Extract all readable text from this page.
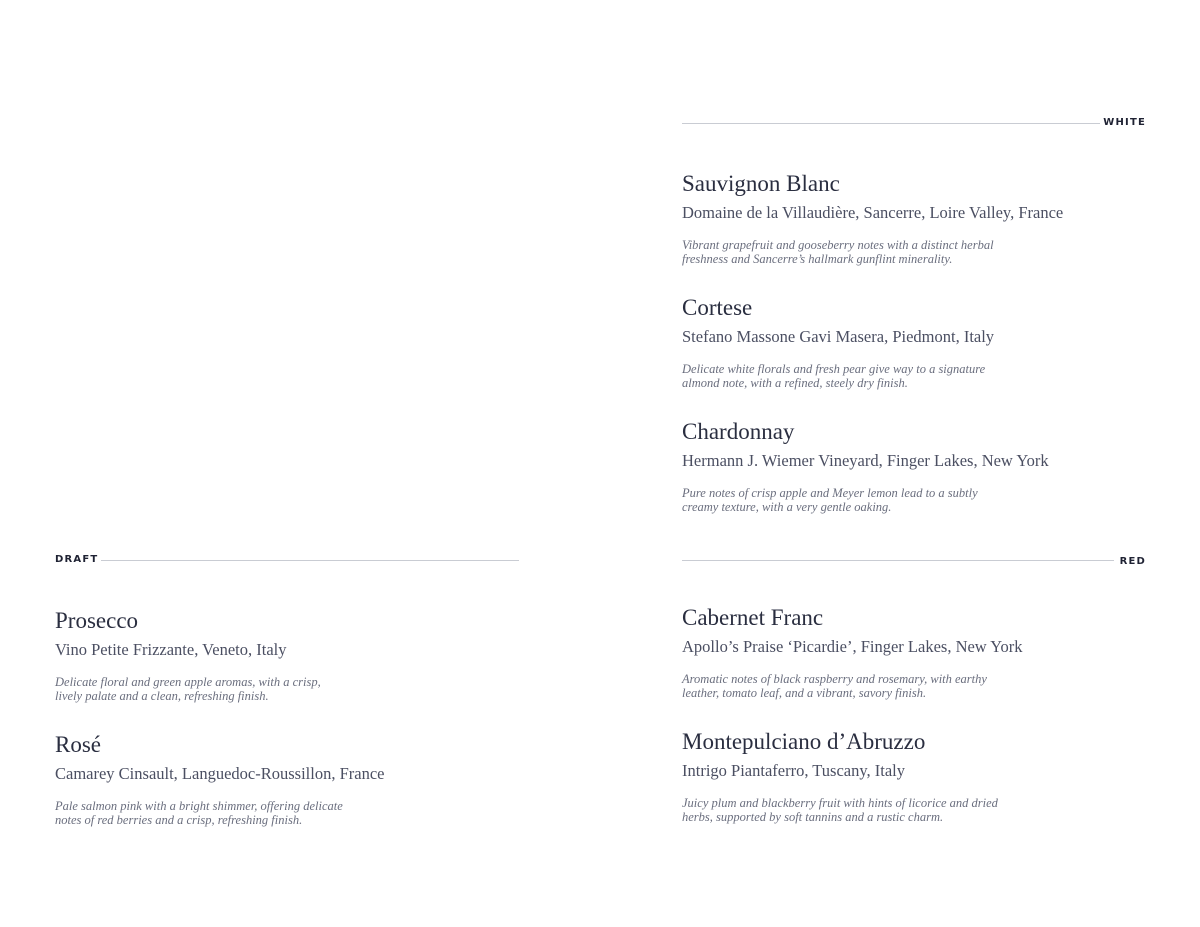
WHITE
Sauvignon Blanc
Domaine de la Villaudière, Sancerre, Loire Valley, France
Vibrant grapefruit and gooseberry notes with a distinct herbal
freshness and Sancerre’s hallmark gunflint minerality.
Cortese
Stefano Massone Gavi Masera, Piedmont, Italy
Delicate white florals and fresh pear give way to a signature
almond note, with a refined, steely dry finish.
Chardonnay
Hermann J. Wiemer Vineyard, Finger Lakes, New York
Pure notes of crisp apple and Meyer lemon lead to a subtly
creamy texture, with a very gentle oaking.
DRAFT
Prosecco
Vino Petite Frizzante, Veneto, Italy
Delicate floral and green apple aromas, with a crisp,
lively palate and a clean, refreshing finish.
Rosé
Camarey Cinsault, Languedoc-Roussillon, France
Pale salmon pink with a bright shimmer, offering delicate
notes of red berries and a crisp, refreshing finish.
RED
Cabernet Franc
Apollo’s Praise ‘Picardie’, Finger Lakes, New York
Aromatic notes of black raspberry and rosemary, with earthy
leather, tomato leaf, and a vibrant, savory finish.
Montepulciano d’Abruzzo
Intrigo Piantaferro, Tuscany, Italy
Juicy plum and blackberry fruit with hints of licorice and dried
herbs, supported by soft tannins and a rustic charm.
